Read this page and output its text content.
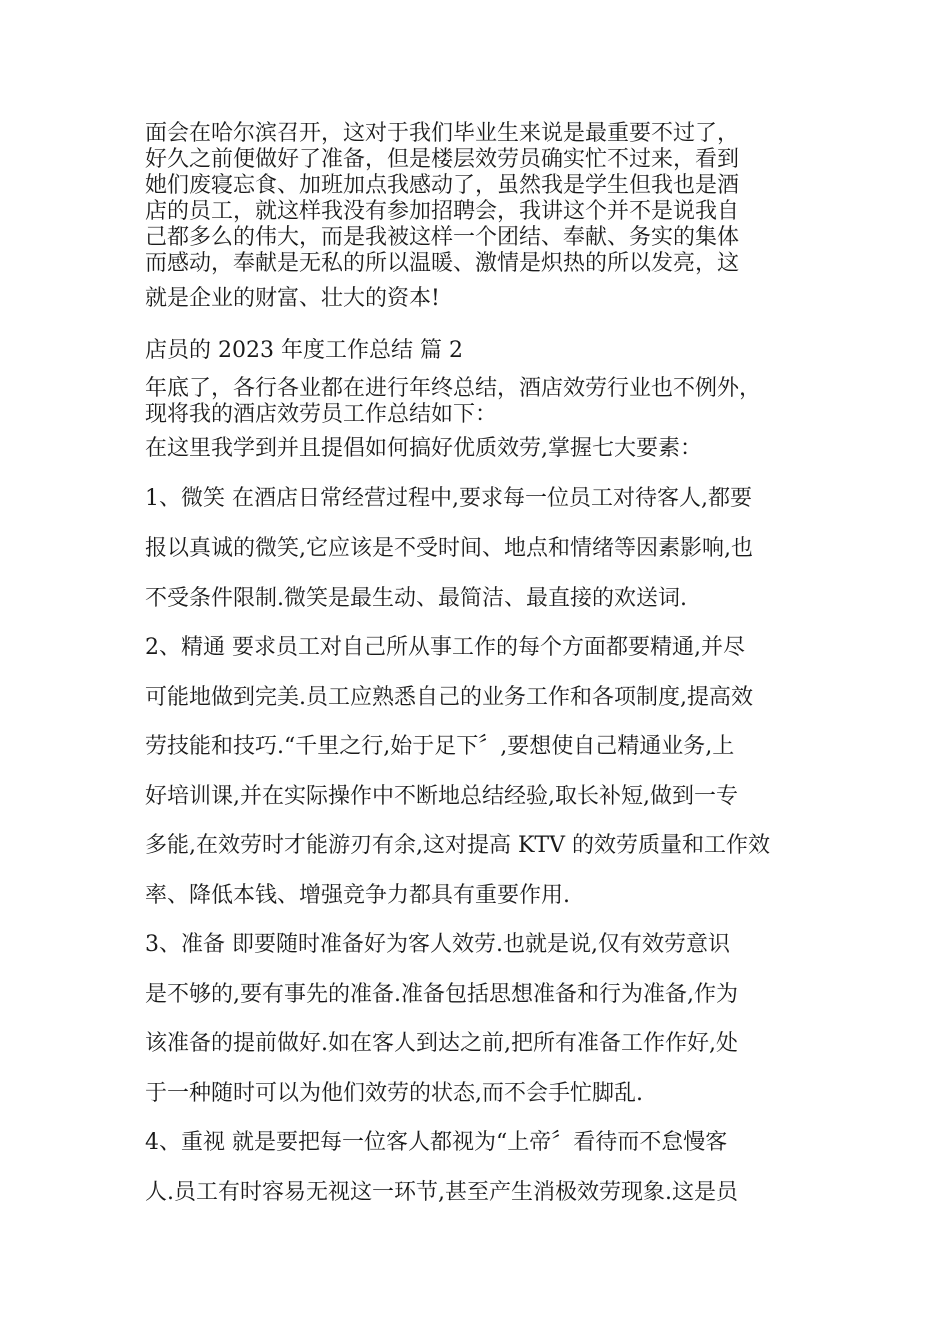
面会在哈尔滨召开，这对于我们毕业生来说是最重要不过了，

好久之前便做好了准备，但是楼层效劳员确实忙不过来，看到

她们废寝忘食、加班加点我感动了，虽然我是学生但我也是酒

店的员工，就这样我没有参加招聘会，我讲这个并不是说我自

己都多么的伟大，而是我被这样一个团结、奉献、务实的集体

而感动，奉献是无私的所以温暖、激情是炽热的所以发亮，这

就是企业的财富、壮大的资本!

店员的 2023 年度工作总结 篇 2

年底了，各行各业都在进行年终总结，酒店效劳行业也不例外，

现将我的酒店效劳员工作总结如下：

在这里我学到并且提倡如何搞好优质效劳,掌握七大要素：

1、微笑 在酒店日常经营过程中,要求每一位员工对待客人,都要

报以真诚的微笑,它应该是不受时间、地点和情绪等因素影响,也

不受条件限制.微笑是最生动、最简洁、最直接的欢送词.

2、精通 要求员工对自己所从事工作的每个方面都要精通,并尽

可能地做到完美.员工应熟悉自己的业务工作和各项制度,提高效

劳技能和技巧.“千里之行,始于足下〞,要想使自己精通业务,上

好培训课,并在实际操作中不断地总结经验,取长补短,做到一专

多能,在效劳时才能游刃有余,这对提高 KTV 的效劳质量和工作效

率、降低本钱、增强竞争力都具有重要作用.

3、准备 即要随时准备好为客人效劳.也就是说,仅有效劳意识

是不够的,要有事先的准备.准备包括思想准备和行为准备,作为

该准备的提前做好.如在客人到达之前,把所有准备工作作好,处

于一种随时可以为他们效劳的状态,而不会手忙脚乱.

4、重视 就是要把每一位客人都视为“上帝〞看待而不怠慢客

人.员工有时容易无视这一环节,甚至产生消极效劳现象.这是员
